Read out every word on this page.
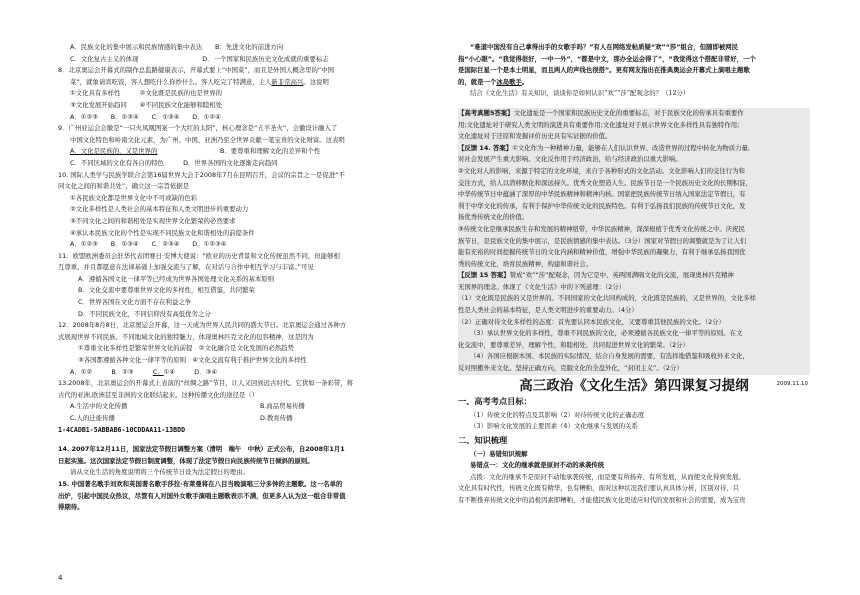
A．民族文化的集中展示和民族情感的集中表达　　B．先进文化的前进方向
C．文化复古主义的体现　　　　　　　　　　D．一个国家和民族历史文化成就的重要标志
8．北京奥运会开幕式的制作总监路健康表示，开幕式要上“中国菜”，而且是外国人概念里的“中国
菜”，就象请宾吃饭，客人想吃什么你炒什么。客人吃完了特满意，主人新非常高兴。这说明
①文化具有多样性　　　②文化既是民族的也是世界的
③文化发展开始趋同　　④不同民族文化能够和睦相处
A．①②③　　B．②③④　　C．①③④　　D．①②④
9．广州亚运会会徽是“一只火凤凰图案一个大红的太阳”，核心理念是“五羊圣火”，会徽设计融入了
中国文化特色和岭南文化元素，为广州、中国、亚洲乃至全世界贡献一笔宝贵的文化财富。这表明
A．文化是民族的，又是世界的	B．要尊重和理解文化的差异和个性
C．不同区域的文化有各自的特色　　　D．世界各国的文化逐渐走向趋同
10. 国际人类学与民族学联合会第16届世界大会于2008年7月在昆明召开，会议的宗旨之一是促进“不
同文化之间的和谐共处”，确立这一宗旨依据是
①各民族文化都是世界文化中不可或缺的色彩
②文化多样性是人类社会的基本特征和人类文明进步的重要动力
③不同文化之间的和谐相处是实现世界文化繁荣的必然要求
④承认本民族文化的个性是实现不同民族文化和谐相处的前提条件
A．①②③　　B．①③④　　C．②③④　　D．①②③④
11．欧盟欧洲委员会驻华代表团赛日·安博大使说：“欧亚的历史背景和文化传统虽然不同，但能够相
互尊重，并且都愿意在法律基础上加强交流与了解，在对话与合作中相互学习与丰富。”可见
A．遵循各国文化一律平等已经成为世界各国处理文化关系的基本原则
B．文化交流中要尊重世界文化的多样性，相互借鉴，共同繁荣
C．世界各国在文化方面不存在利益之争
D．不同民族文化，不同信仰没有高低优劣之分
12．2008年8月8日，北京奥运会开幕，这一天成为世界人民共同的盛大节日。北京奥运会通过各种方
式展现世界不同民族、不同地域文化的独特魅力，体现奥林匹克文化的包容精神，这是因为
①尊重文化多样性是繁荣世界文化的前提　②文化融合是文化发展的必然趋势
③各国都遵循各种文化一律平等的原则　④文化交流有利于推护世界文化的多样性
A．①②　　　B．②③　　　C．①④　　　D．③④
13.2008年，北京奥运会的开幕式上表演的“丝绸之路”节目，让人又回到远古时代。它犹如一条彩带，将
古代的亚洲,欧洲甚至非洲的文化联结起来。这种传播文化的途径是（）
A.生活中的文化传播	B.商品贸易传播
C.人的迁徙传播	D.教育传播
1-4CADB1-5ABBAB6-10CDDAA11-13BDD
14. 2007年12月11日，国家法定节假日调整方案（清明　端午　中秋）正式公布，自2008年1月1
日起实施。这次国家法定节假日制度调整，体现了法定节假日向民族传统节日倾斜的原则。
请从文化生活的角度说明将三个传统节日设为法定假日的理由。
15. 中国著名歌手刘欢和英国著名歌手莎拉·布莱曼将在八目当晚演唱三分多钟的主题歌。这一名单的
出炉，引起中国民众热议，尽管有人对国外女歌手演唱主题歌表示不满，但更多人认为这一组合非常值
得期待。
“难道中国没有自己拿得出手的女歌手吗？”有人在网络发帖质疑“欢”“莎”组合，但随即被网民
指“小心眼”。“我觉得很好，一中一外”，“都是中文，那办全运会得了”，“我觉得这个搭配非常好，一个
是国际巨星一个是本土明星，而且两人的声线也很搭”。更有网友指出在推典奥运会开幕式上演唱主题歌
的，就是一个冰岛歌手。
结合《文化生活》有关知识，谈谈你是如何认识“欢”“莎”配观念的？（12分）
【高考真题5答案】文化遗址是一个国家和民族历史文化的重要标志，对于民族文化的传承具有重要作
用;文化遗址对于研究人类文明的演进具有重要作用;文化遗址对于展示世界文化多样性具有独特作用;
文化遗址对于还原和发掘评价历史具有实证据的价值。
【反馈 14. 答案】①文化作为一种精神力量，能够在人们认识世界、改造世界的过程中转化为物质力量,
对社会发展产生重大影响。文化反作用于经济政治，给与经济政治以重大影响。
②文化对人的影响，来源于特定的文化环境，来自于各种形式的文化活动。文化影响人们的交往行为和
交往方式，给人以潜移默化和深远持久。优秀文化塑造人生。民族节日是一个民族历史文化的长期积淀，
中华传统节日中蕴涵了深厚的中华民族精神和精神内核。国家把民族传统节日纳入国家法定节假日，有
利于中华文化的传承，有利于保护中华传统文化的民族特色。有利于弘扬我们民族的传统节日文化，发
扬优秀传统文化的价值。
③传统文化是继承民族生存和发展的精神纽带，中华民族精神，深深根植于优秀文化传统之中。庆祝民
族节日，是民族文化的集中展示，是民族情感的集中表达。（3分）国家对节假日的调整就是为了让人们
能有充裕的时间挖掘传统节日的文化内涵和精神价值，增强中华民族的凝聚力，有利于继承弘扬我国优
秀的传统文化，培育民族精神，构建和谐社会。
【反馈 15 答案】赞成“欢”“莎”配观念，因为它是中、英两国满唱文化的交流，展现奥林匹克精神
无国界的理念。体现了《文化生活》中的下列道理：（2分）
（1）文化既是民族的又是世界的。不同国家的文化共同构成的，文化既是民族的，又是世界的，文化多样
性是人类社会的基本特征，是人类文明进步的重要动力。（4分）
（2）正确对待文化多样性的态度：首先要认同本民族文化，又要尊重其他民族的文化。（2分）
（3）承认世界文化的多样性，尊重不同民族的文化，必须遵循各民族文化一律平等的原则。在文
化交流中，要尊重差异，理解个性，和睦相处，共同促进世界文化的繁荣。（2分）
（4）各国应根据本国、本民族的实际情况，结合自身发展的需要，有选择地借鉴和吸收外来文化，
反对照搬外来文化。坚持正确方向，克服文化的全盘外化，“封闭主义”。（2分）
高三政治《文化生活》第四课复习提纲	2009.11.10
一、高考考点目标：
（1）传统文化的特点及其影响（2）对待传统文化的正确态度
（3）影响文化发展的主要因素（4）文化继承与发展的关系
二、知识梳理
（一）易错知识规解
易错点一：文化的继承就是原封不动的承袭传统
点拨：文化的继承不是原封不动地承袭传统，而是要有所扬弃、有所发展，从而使文化得到发展。
文化具有时代性，传统文化既有精华，也有糟粕，面对这种状况我们要认真具体分析，区别对待，只
有不断推弃传统文化中的消极因素即糟粕，才能使民族文化更适应时代的发展和社会的需要，成为宝贵
4
